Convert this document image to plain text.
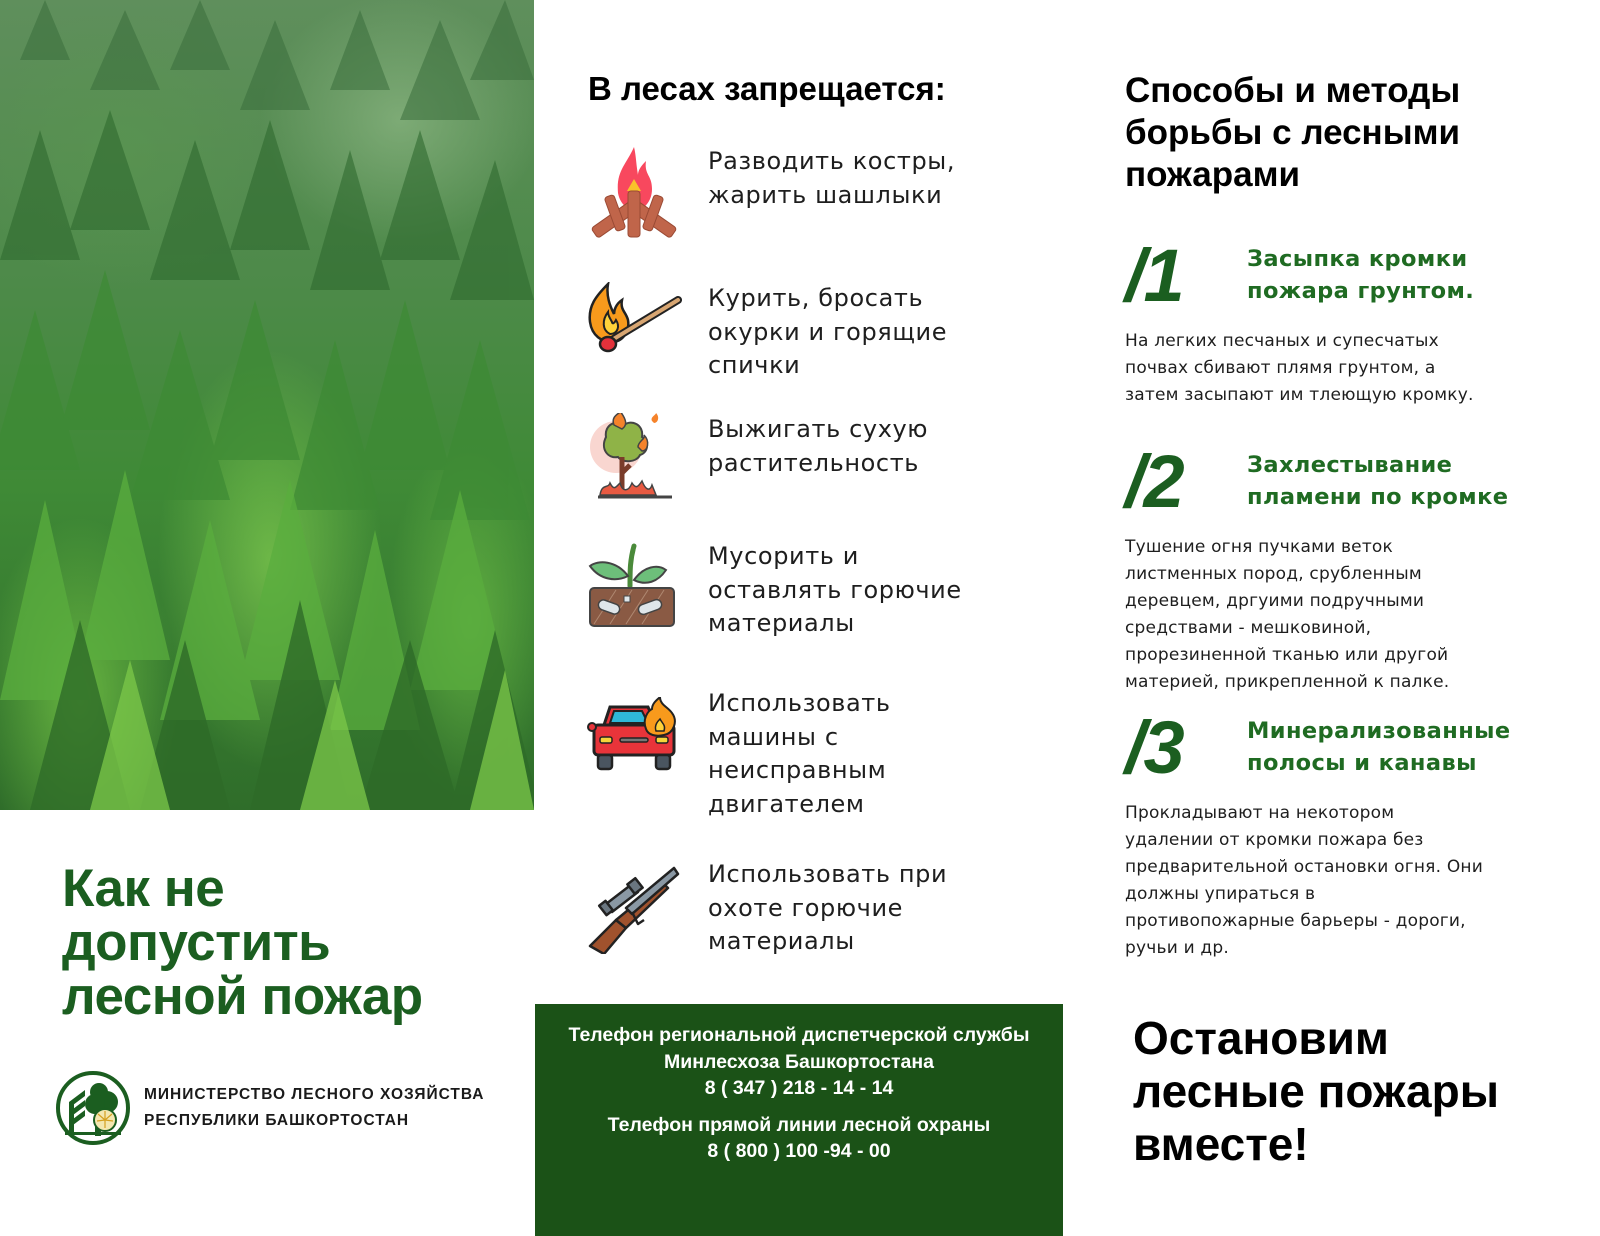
Как не
допустить
лесной пожар
МИНИСТЕРСТВО ЛЕСНОГО ХОЗЯЙСТВА
РЕСПУБЛИКИ БАШКОРТОСТАН
В лесах запрещается:
Разводить костры,
жарить шашлыки
Курить, бросать
окурки и горящие
спички
Выжигать сухую
растительность
Мусорить и
оставлять горючие
материалы
Использовать
машины с
неисправным
двигателем
Использовать при
охоте горючие
материалы
Телефон региональной диспетчерской службы
Минлесхоза Башкортостана
8 ( 347 ) 218 - 14 - 14
Телефон прямой линии лесной охраны
8 ( 800 ) 100 -94 - 00
Способы и методы
борьбы с лесными
пожарами
/1	Засыпка кромки
пожара грунтом.
На легких песчаных и супесчатых
почвах сбивают плямя грунтом, а
затем засыпают им тлеющую кромку.
/2	Захлестывание
пламени по кромке
Тушение огня пучками веток
листменных пород, срубленным
деревцем, дргуими подручными
средствами - мешковиной,
прорезиненной тканью или другой
материей, прикрепленной к палке.
/3	Минерализованные
полосы и канавы
Прокладывают на некотором
удалении от кромки пожара без
предварительной остановки огня. Они
должны упираться в
противопожарные барьеры - дороги,
ручьи и др.
Остановим
лесные пожары
вместе!
